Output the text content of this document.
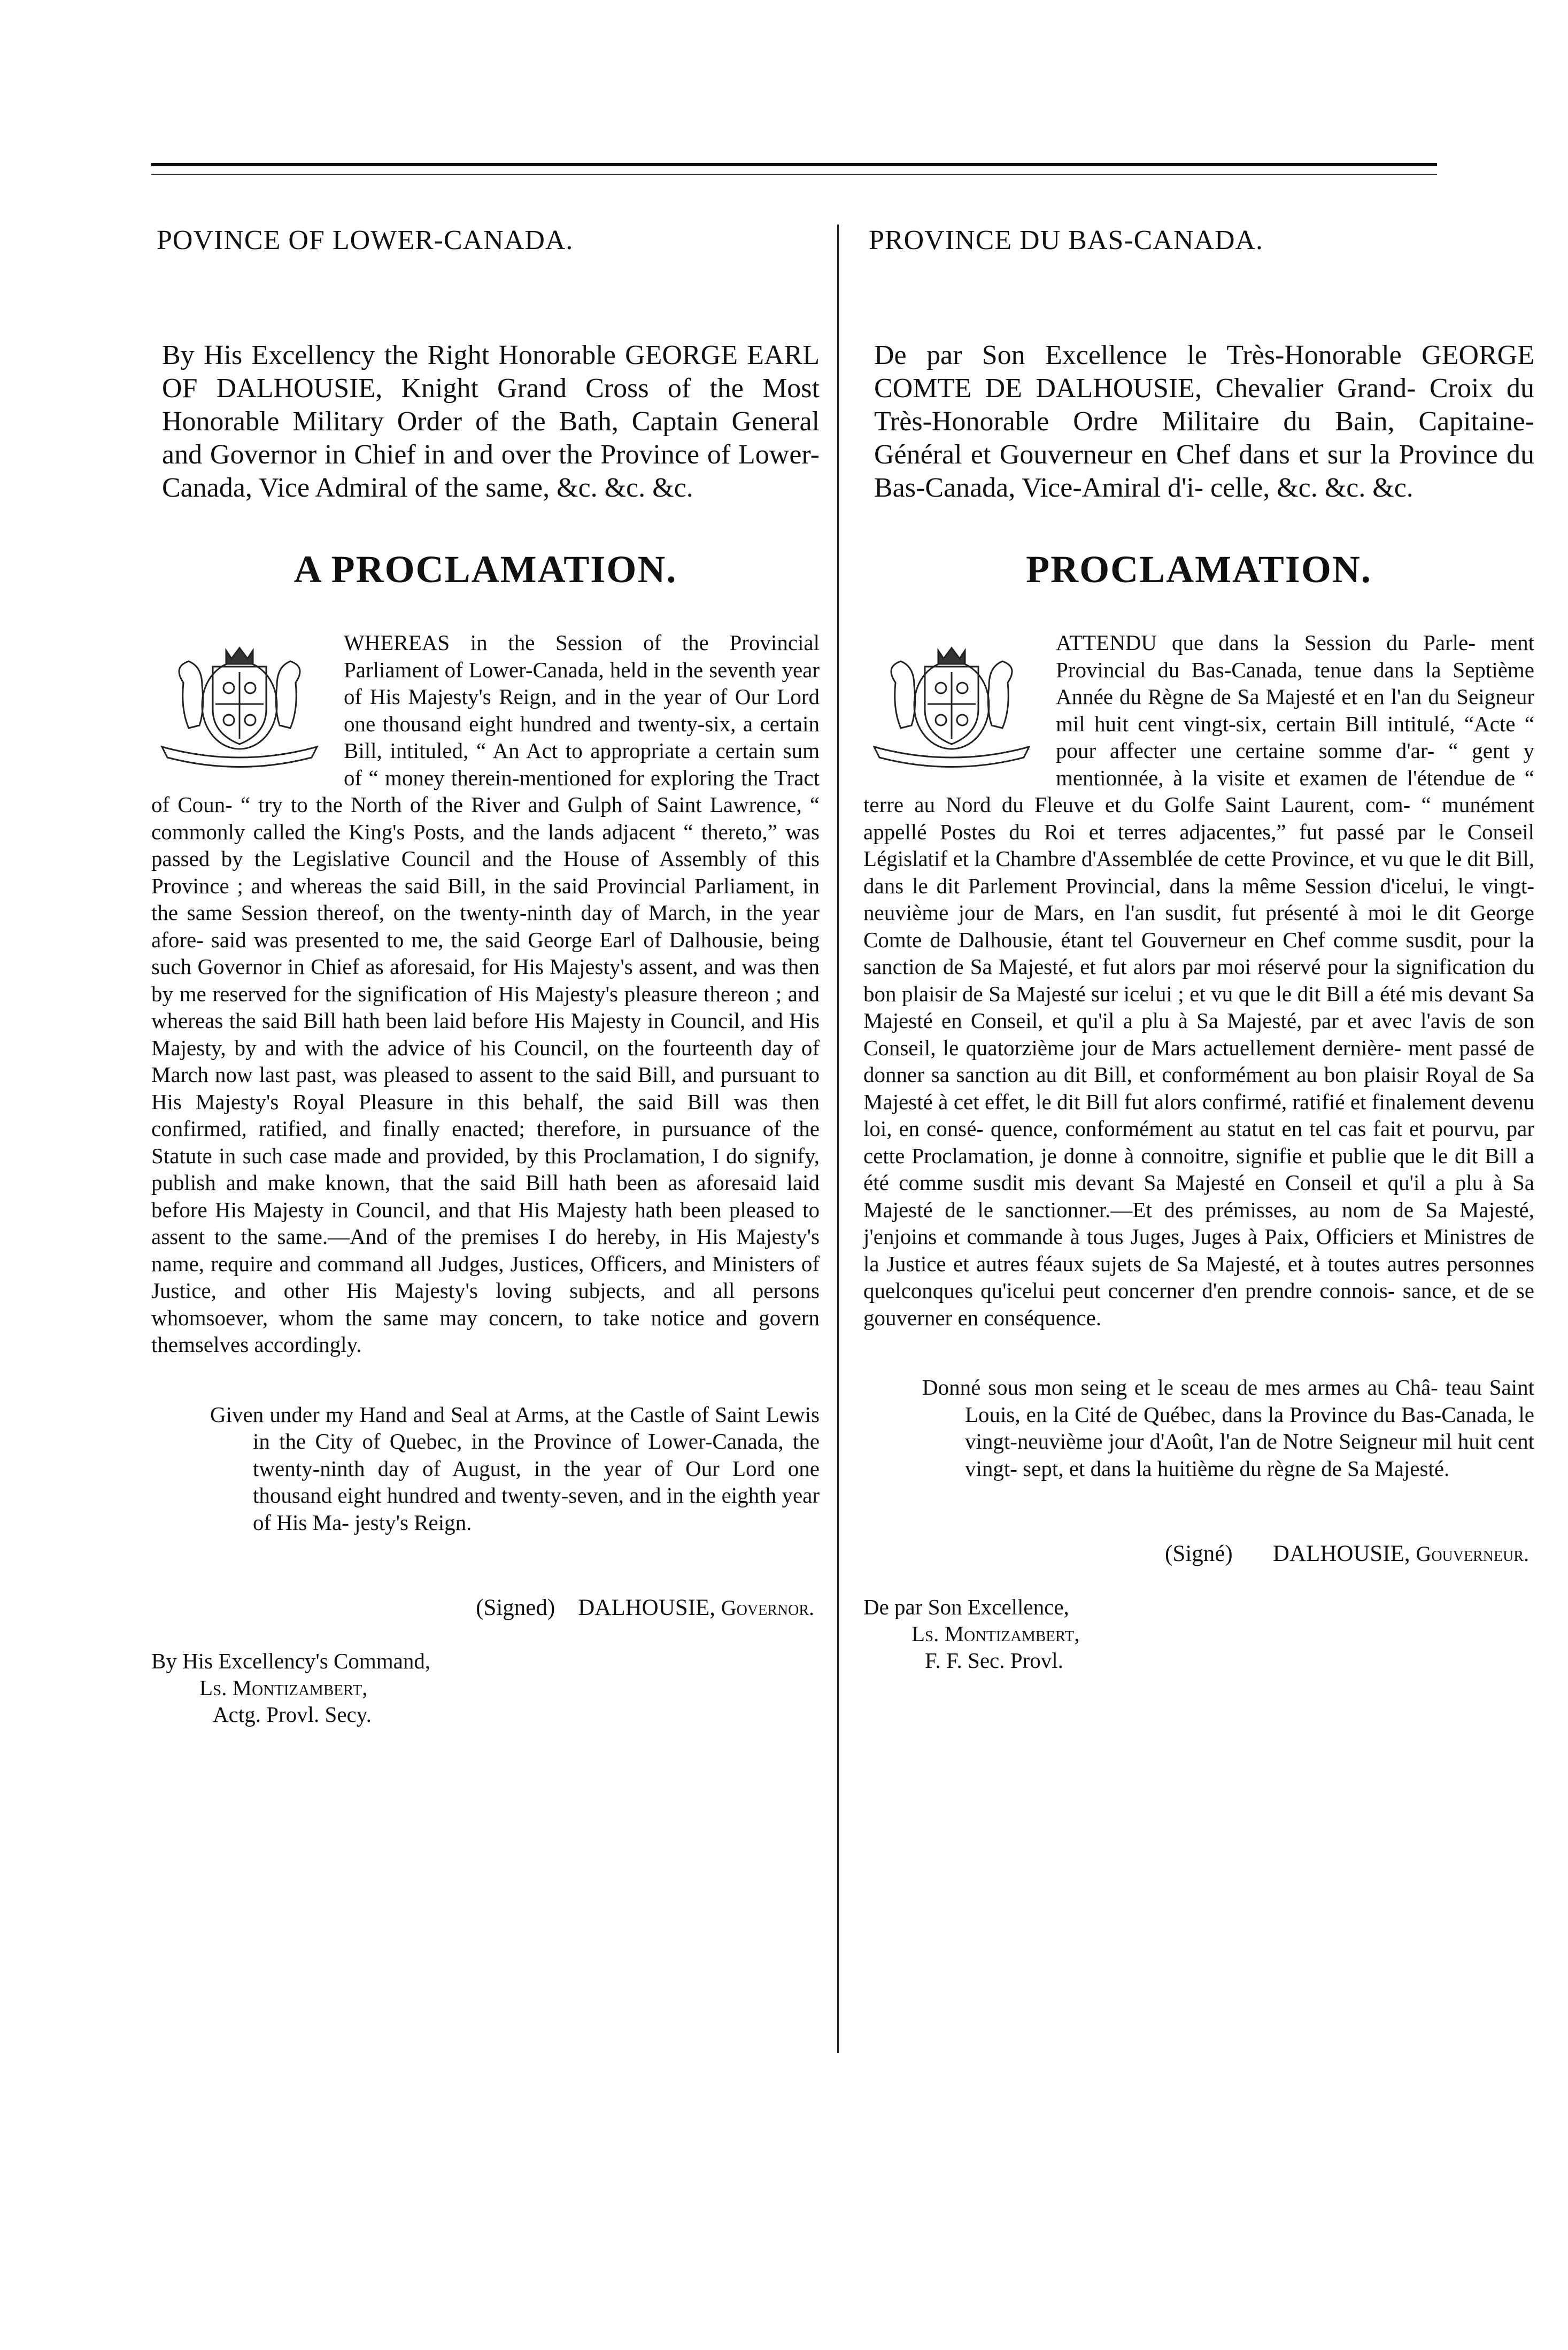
POVINCE OF LOWER-CANADA.
By His Excellency the Right Honorable GEORGE EARL OF DALHOUSIE, Knight Grand Cross of the Most Honorable Military Order of the Bath, Captain General and Governor in Chief in and over the Province of Lower-Canada, Vice Admiral of the same, &c. &c. &c.
A PROCLAMATION.
WHEREAS in the Session of the Provincial Parliament of Lower-Canada, held in the seventh year of His Majesty's Reign, and in the year of Our Lord one thousand eight hundred and twenty-six, a certain Bill, intituled, “ An Act to appropriate a certain sum of “ money therein-mentioned for exploring the Tract of Coun- “ try to the North of the River and Gulph of Saint Lawrence, “ commonly called the King's Posts, and the lands adjacent “ thereto,” was passed by the Legislative Council and the House of Assembly of this Province ; and whereas the said Bill, in the said Provincial Parliament, in the same Session thereof, on the twenty-ninth day of March, in the year afore- said was presented to me, the said George Earl of Dalhousie, being such Governor in Chief as aforesaid, for His Majesty's assent, and was then by me reserved for the signification of His Majesty's pleasure thereon ; and whereas the said Bill hath been laid before His Majesty in Council, and His Majesty, by and with the advice of his Council, on the fourteenth day of March now last past, was pleased to assent to the said Bill, and pursuant to His Majesty's Royal Pleasure in this behalf, the said Bill was then confirmed, ratified, and finally enacted; therefore, in pursuance of the Statute in such case made and provided, by this Proclamation, I do signify, publish and make known, that the said Bill hath been as aforesaid laid before His Majesty in Council, and that His Majesty hath been pleased to assent to the same.—And of the premises I do hereby, in His Majesty's name, require and command all Judges, Justices, Officers, and Ministers of Justice, and other His Majesty's loving subjects, and all persons whomsoever, whom the same may concern, to take notice and govern themselves accordingly.
Given under my Hand and Seal at Arms, at the Castle of Saint Lewis in the City of Quebec, in the Province of Lower-Canada, the twenty-ninth day of August, in the year of Our Lord one thousand eight hundred and twenty-seven, and in the eighth year of His Ma- jesty's Reign.
(Signed) DALHOUSIE, Governor.
By His Excellency's Command,
Ls. Montizambert,
Actg. Provl. Secy.
PROVINCE DU BAS-CANADA.
De par Son Excellence le Très-Honorable GEORGE COMTE DE DALHOUSIE, Chevalier Grand- Croix du Très-Honorable Ordre Militaire du Bain, Capitaine-Général et Gouverneur en Chef dans et sur la Province du Bas-Canada, Vice-Amiral d'i- celle, &c. &c. &c.
PROCLAMATION.
ATTENDU que dans la Session du Parle- ment Provincial du Bas-Canada, tenue dans la Septième Année du Règne de Sa Majesté et en l'an du Seigneur mil huit cent vingt-six, certain Bill intitulé, “Acte “ pour affecter une certaine somme d'ar- “ gent y mentionnée, à la visite et examen de l'étendue de “ terre au Nord du Fleuve et du Golfe Saint Laurent, com- “ munément appellé Postes du Roi et terres adjacentes,” fut passé par le Conseil Législatif et la Chambre d'Assemblée de cette Province, et vu que le dit Bill, dans le dit Parlement Provincial, dans la même Session d'icelui, le vingt-neuvième jour de Mars, en l'an susdit, fut présenté à moi le dit George Comte de Dalhousie, étant tel Gouverneur en Chef comme susdit, pour la sanction de Sa Majesté, et fut alors par moi réservé pour la signification du bon plaisir de Sa Majesté sur icelui ; et vu que le dit Bill a été mis devant Sa Majesté en Conseil, et qu'il a plu à Sa Majesté, par et avec l'avis de son Conseil, le quatorzième jour de Mars actuellement dernière- ment passé de donner sa sanction au dit Bill, et conformément au bon plaisir Royal de Sa Majesté à cet effet, le dit Bill fut alors confirmé, ratifié et finalement devenu loi, en consé- quence, conformément au statut en tel cas fait et pourvu, par cette Proclamation, je donne à connoitre, signifie et publie que le dit Bill a été comme susdit mis devant Sa Majesté en Conseil et qu'il a plu à Sa Majesté de le sanctionner.—Et des prémisses, au nom de Sa Majesté, j'enjoins et commande à tous Juges, Juges à Paix, Officiers et Ministres de la Justice et autres féaux sujets de Sa Majesté, et à toutes autres personnes quelconques qu'icelui peut concerner d'en prendre connois- sance, et de se gouverner en conséquence.
Donné sous mon seing et le sceau de mes armes au Châ- teau Saint Louis, en la Cité de Québec, dans la Province du Bas-Canada, le vingt-neuvième jour d'Août, l'an de Notre Seigneur mil huit cent vingt- sept, et dans la huitième du règne de Sa Majesté.
(Signé) DALHOUSIE, Gouverneur.
De par Son Excellence,
Ls. Montizambert,
F. F. Sec. Provl.
